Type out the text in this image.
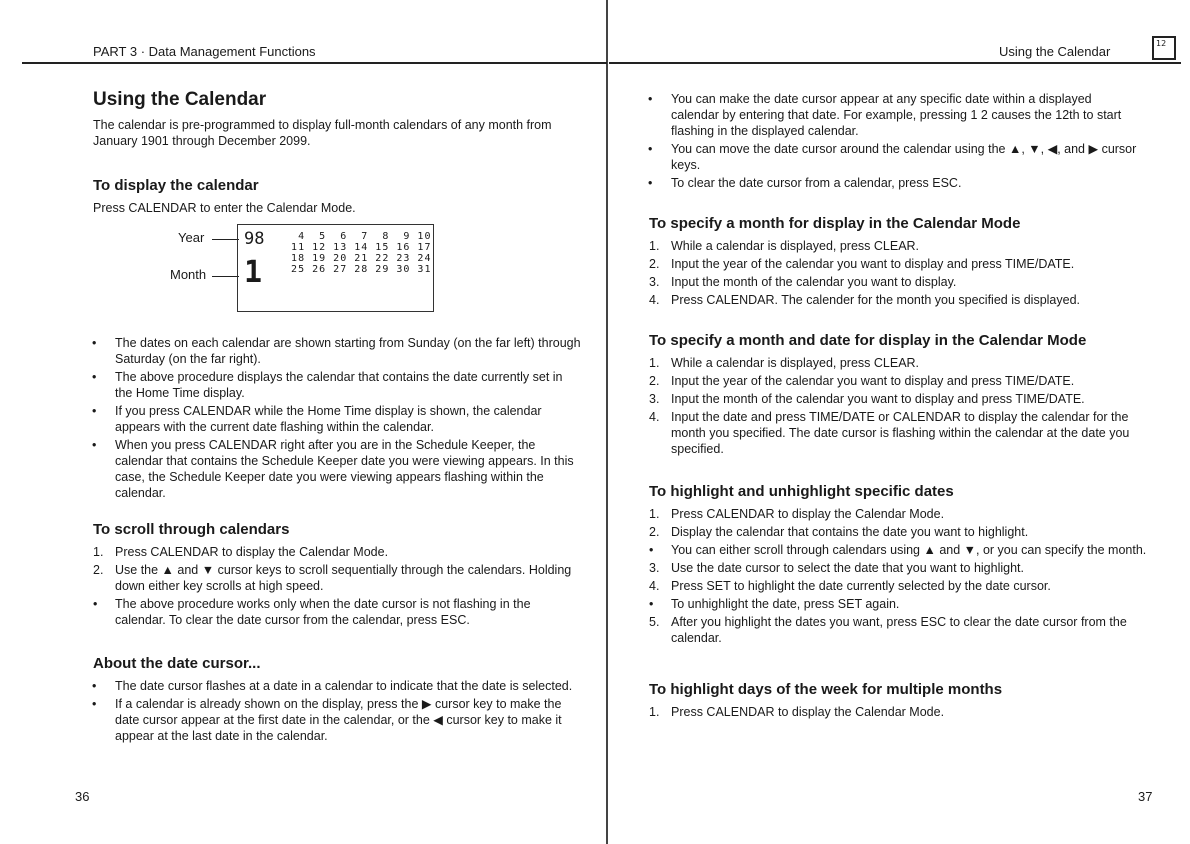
PART 3 · Data Management Functions
Using the Calendar

The calendar is pre-programmed to display full-month calendars of any month from January 1901 through December 2099.

To display the calendar

Press CALENDAR to enter the Calendar Mode.

Year
Month
98
1
4  5  6  7  8  9 10
11 12 13 14 15 16 17
18 19 20 21 22 23 24
25 26 27 28 29 30 31
•	The dates on each calendar are shown starting from Sunday (on the far left) through Saturday (on the far right).
•	The above procedure displays the calendar that contains the date currently set in the Home Time display.
•	If you press CALENDAR while the Home Time display is shown, the calendar appears with the current date flashing within the calendar.
•	When you press CALENDAR right after you are in the Schedule Keeper, the calendar that contains the Schedule Keeper date you were viewing appears. In this case, the Schedule Keeper date you were viewing appears flashing within the calendar.
To scroll through calendars
1. Press CALENDAR to display the Calendar Mode.
2. Use the ▲ and ▼ cursor keys to scroll sequentially through the calendars. Holding down either key scrolls at high speed.
•	The above procedure works only when the date cursor is not flashing in the calendar. To clear the date cursor from the calendar, press ESC.
About the date cursor...
•	The date cursor flashes at a date in a calendar to indicate that the date is selected.
•	If a calendar is already shown on the display, press the ▶ cursor key to make the date cursor appear at the first date in the calendar, or the ◀ cursor key to make it appear at the last date in the calendar.
36
Using the Calendar
12
•	You can make the date cursor appear at any specific date within a displayed calendar by entering that date. For example, pressing 1 2 causes the 12th to start flashing in the displayed calendar.
•	You can move the date cursor around the calendar using the ▲, ▼, ◀, and ▶ cursor keys.
•	To clear the date cursor from a calendar, press ESC.
To specify a month for display in the Calendar Mode
1. While a calendar is displayed, press CLEAR.
2. Input the year of the calendar you want to display and press TIME/DATE.
3. Input the month of the calendar you want to display.
4. Press CALENDAR. The calender for the month you specified is displayed.
To specify a month and date for display in the Calendar Mode
1. While a calendar is displayed, press CLEAR.
2. Input the year of the calendar you want to display and press TIME/DATE.
3. Input the month of the calendar you want to display and press TIME/DATE.
4. Input the date and press TIME/DATE or CALENDAR to display the calendar for the month you specified. The date cursor is flashing within the calendar at the date you specified.
To highlight and unhighlight specific dates
1. Press CALENDAR to display the Calendar Mode.
2. Display the calendar that contains the date you want to highlight.
•	You can either scroll through calendars using ▲ and ▼, or you can specify the month.
3. Use the date cursor to select the date that you want to highlight.
4. Press SET to highlight the date currently selected by the date cursor.
•	To unhighlight the date, press SET again.
5. After you highlight the dates you want, press ESC to clear the date cursor from the calendar.
To highlight days of the week for multiple months
1. Press CALENDAR to display the Calendar Mode.
37
